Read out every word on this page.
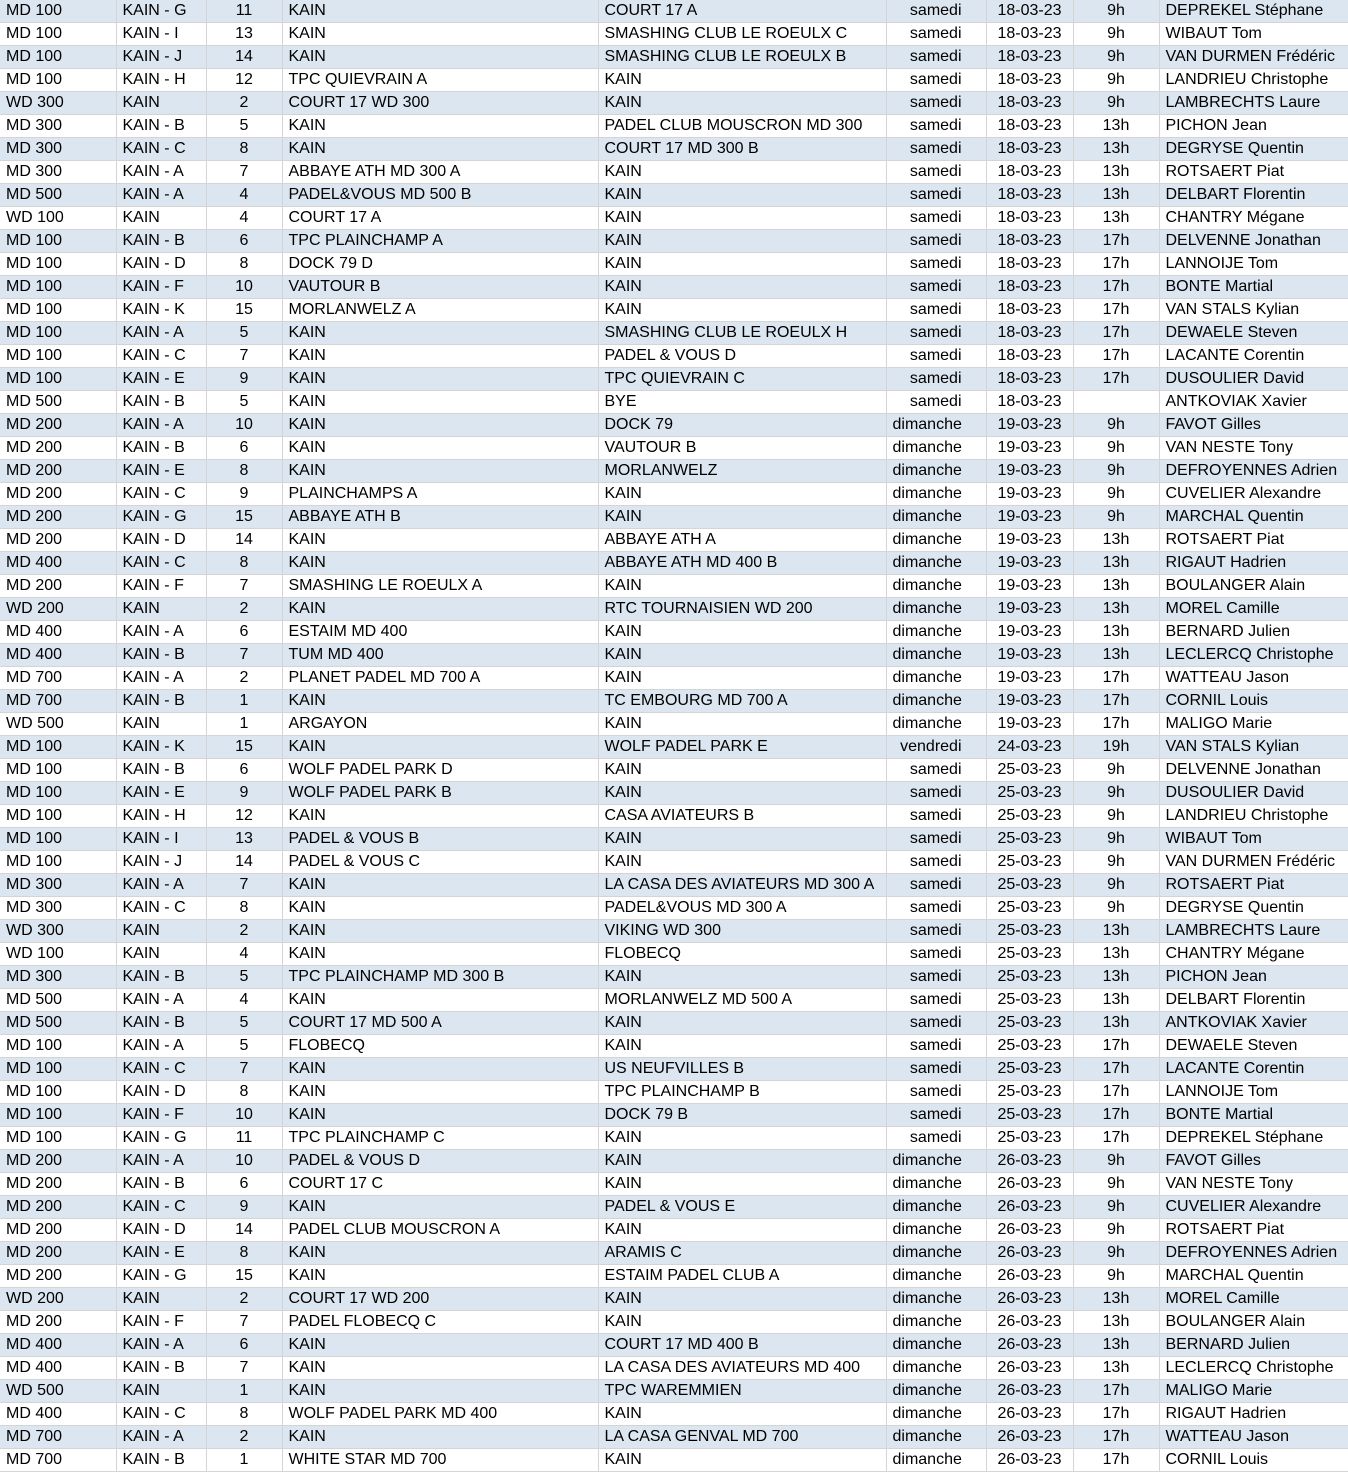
MD 100	KAIN - G	11	KAIN	COURT 17 A	samedi	18-03-23	9h	DEPREKEL Stéphane
MD 100	KAIN - I	13	KAIN	SMASHING CLUB LE ROEULX C	samedi	18-03-23	9h	WIBAUT Tom
MD 100	KAIN - J	14	KAIN	SMASHING CLUB LE ROEULX B	samedi	18-03-23	9h	VAN DURMEN Frédéric
MD 100	KAIN - H	12	TPC QUIEVRAIN A	KAIN	samedi	18-03-23	9h	LANDRIEU Christophe
WD 300	KAIN	2	COURT 17 WD 300	KAIN	samedi	18-03-23	9h	LAMBRECHTS Laure
MD 300	KAIN - B	5	KAIN	PADEL CLUB MOUSCRON MD 300	samedi	18-03-23	13h	PICHON Jean
MD 300	KAIN - C	8	KAIN	COURT 17 MD 300 B	samedi	18-03-23	13h	DEGRYSE Quentin
MD 300	KAIN - A	7	ABBAYE ATH MD 300 A	KAIN	samedi	18-03-23	13h	ROTSAERT Piat
MD 500	KAIN - A	4	PADEL&VOUS MD 500 B	KAIN	samedi	18-03-23	13h	DELBART Florentin
WD 100	KAIN	4	COURT 17 A	KAIN	samedi	18-03-23	13h	CHANTRY Mégane
MD 100	KAIN - B	6	TPC PLAINCHAMP A	KAIN	samedi	18-03-23	17h	DELVENNE Jonathan
MD 100	KAIN - D	8	DOCK 79 D	KAIN	samedi	18-03-23	17h	LANNOIJE Tom
MD 100	KAIN - F	10	VAUTOUR B	KAIN	samedi	18-03-23	17h	BONTE Martial
MD 100	KAIN - K	15	MORLANWELZ A	KAIN	samedi	18-03-23	17h	VAN STALS Kylian
MD 100	KAIN - A	5	KAIN	SMASHING CLUB LE ROEULX H	samedi	18-03-23	17h	DEWAELE Steven
MD 100	KAIN - C	7	KAIN	PADEL & VOUS D	samedi	18-03-23	17h	LACANTE Corentin
MD 100	KAIN - E	9	KAIN	TPC QUIEVRAIN C	samedi	18-03-23	17h	DUSOULIER David
MD 500	KAIN - B	5	KAIN	BYE	samedi	18-03-23		ANTKOVIAK Xavier
MD 200	KAIN - A	10	KAIN	DOCK 79	dimanche	19-03-23	9h	FAVOT Gilles
MD 200	KAIN - B	6	KAIN	VAUTOUR B	dimanche	19-03-23	9h	VAN NESTE Tony
MD 200	KAIN - E	8	KAIN	MORLANWELZ	dimanche	19-03-23	9h	DEFROYENNES Adrien
MD 200	KAIN - C	9	PLAINCHAMPS A	KAIN	dimanche	19-03-23	9h	CUVELIER Alexandre
MD 200	KAIN - G	15	ABBAYE ATH B	KAIN	dimanche	19-03-23	9h	MARCHAL Quentin
MD 200	KAIN - D	14	KAIN	ABBAYE ATH A	dimanche	19-03-23	13h	ROTSAERT Piat
MD 400	KAIN - C	8	KAIN	ABBAYE ATH MD 400 B	dimanche	19-03-23	13h	RIGAUT Hadrien
MD 200	KAIN - F	7	SMASHING LE ROEULX A	KAIN	dimanche	19-03-23	13h	BOULANGER Alain
WD 200	KAIN	2	KAIN	RTC TOURNAISIEN WD 200	dimanche	19-03-23	13h	MOREL Camille
MD 400	KAIN - A	6	ESTAIM MD 400	KAIN	dimanche	19-03-23	13h	BERNARD Julien
MD 400	KAIN - B	7	TUM MD 400	KAIN	dimanche	19-03-23	13h	LECLERCQ Christophe
MD 700	KAIN - A	2	PLANET PADEL MD 700 A	KAIN	dimanche	19-03-23	17h	WATTEAU Jason
MD 700	KAIN - B	1	KAIN	TC EMBOURG MD 700 A	dimanche	19-03-23	17h	CORNIL Louis
WD 500	KAIN	1	ARGAYON	KAIN	dimanche	19-03-23	17h	MALIGO Marie
MD 100	KAIN - K	15	KAIN	WOLF PADEL PARK E	vendredi	24-03-23	19h	VAN STALS Kylian
MD 100	KAIN - B	6	WOLF PADEL PARK D	KAIN	samedi	25-03-23	9h	DELVENNE Jonathan
MD 100	KAIN - E	9	WOLF PADEL PARK B	KAIN	samedi	25-03-23	9h	DUSOULIER David
MD 100	KAIN - H	12	KAIN	CASA AVIATEURS B	samedi	25-03-23	9h	LANDRIEU Christophe
MD 100	KAIN - I	13	PADEL & VOUS B	KAIN	samedi	25-03-23	9h	WIBAUT Tom
MD 100	KAIN - J	14	PADEL & VOUS C	KAIN	samedi	25-03-23	9h	VAN DURMEN Frédéric
MD 300	KAIN - A	7	KAIN	LA CASA DES AVIATEURS MD 300 A	samedi	25-03-23	9h	ROTSAERT Piat
MD 300	KAIN - C	8	KAIN	PADEL&VOUS MD 300 A	samedi	25-03-23	9h	DEGRYSE Quentin
WD 300	KAIN	2	KAIN	VIKING WD 300	samedi	25-03-23	13h	LAMBRECHTS Laure
WD 100	KAIN	4	KAIN	FLOBECQ	samedi	25-03-23	13h	CHANTRY Mégane
MD 300	KAIN - B	5	TPC PLAINCHAMP MD 300 B	KAIN	samedi	25-03-23	13h	PICHON Jean
MD 500	KAIN - A	4	KAIN	MORLANWELZ MD 500 A	samedi	25-03-23	13h	DELBART Florentin
MD 500	KAIN - B	5	COURT 17 MD 500 A	KAIN	samedi	25-03-23	13h	ANTKOVIAK Xavier
MD 100	KAIN - A	5	FLOBECQ	KAIN	samedi	25-03-23	17h	DEWAELE Steven
MD 100	KAIN - C	7	KAIN	US NEUFVILLES B	samedi	25-03-23	17h	LACANTE Corentin
MD 100	KAIN - D	8	KAIN	TPC PLAINCHAMP B	samedi	25-03-23	17h	LANNOIJE Tom
MD 100	KAIN - F	10	KAIN	DOCK 79 B	samedi	25-03-23	17h	BONTE Martial
MD 100	KAIN - G	11	TPC PLAINCHAMP C	KAIN	samedi	25-03-23	17h	DEPREKEL Stéphane
MD 200	KAIN - A	10	PADEL & VOUS D	KAIN	dimanche	26-03-23	9h	FAVOT Gilles
MD 200	KAIN - B	6	COURT 17 C	KAIN	dimanche	26-03-23	9h	VAN NESTE Tony
MD 200	KAIN - C	9	KAIN	PADEL & VOUS E	dimanche	26-03-23	9h	CUVELIER Alexandre
MD 200	KAIN - D	14	PADEL CLUB MOUSCRON A	KAIN	dimanche	26-03-23	9h	ROTSAERT Piat
MD 200	KAIN - E	8	KAIN	ARAMIS C	dimanche	26-03-23	9h	DEFROYENNES Adrien
MD 200	KAIN - G	15	KAIN	ESTAIM PADEL CLUB A	dimanche	26-03-23	9h	MARCHAL Quentin
WD 200	KAIN	2	COURT 17 WD 200	KAIN	dimanche	26-03-23	13h	MOREL Camille
MD 200	KAIN - F	7	PADEL FLOBECQ C	KAIN	dimanche	26-03-23	13h	BOULANGER Alain
MD 400	KAIN - A	6	KAIN	COURT 17 MD 400 B	dimanche	26-03-23	13h	BERNARD Julien
MD 400	KAIN - B	7	KAIN	LA CASA DES AVIATEURS MD 400	dimanche	26-03-23	13h	LECLERCQ Christophe
WD 500	KAIN	1	KAIN	TPC WAREMMIEN	dimanche	26-03-23	17h	MALIGO Marie
MD 400	KAIN - C	8	WOLF PADEL PARK MD 400	KAIN	dimanche	26-03-23	17h	RIGAUT Hadrien
MD 700	KAIN - A	2	KAIN	LA CASA GENVAL MD 700	dimanche	26-03-23	17h	WATTEAU Jason
MD 700	KAIN - B	1	WHITE STAR MD 700	KAIN	dimanche	26-03-23	17h	CORNIL Louis
